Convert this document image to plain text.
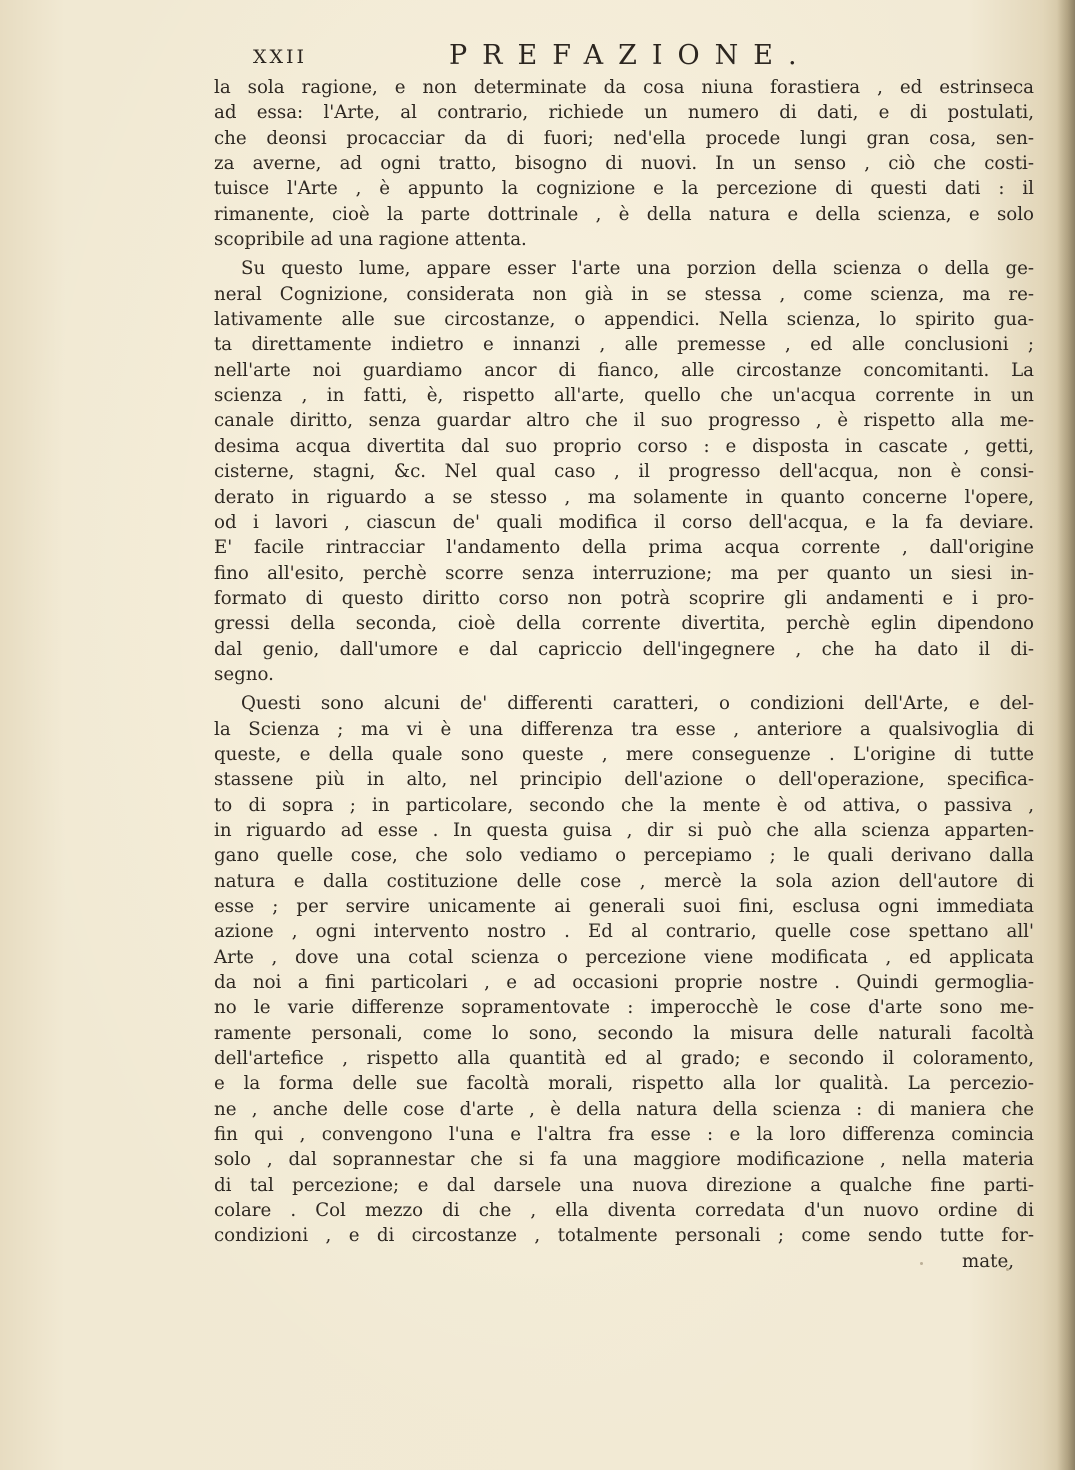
XXII	PREFAZIONE.
la sola ragione, e non determinate da cosa niuna forastiera , ed estrinseca
ad essa: l'Arte, al contrario, richiede un numero di dati, e di postulati,
che deonsi procacciar da di fuori; ned'ella procede lungi gran cosa, sen-
za averne, ad ogni tratto, bisogno di nuovi. In un senso , ciò che costi-
tuisce l'Arte , è appunto la cognizione e la percezione di questi dati : il
rimanente, cioè la parte dottrinale , è della natura e della scienza, e solo
scopribile ad una ragione attenta.
Su questo lume, appare esser l'arte una porzion della scienza o della ge-
neral Cognizione, considerata non già in se stessa , come scienza, ma re-
lativamente alle sue circostanze, o appendici. Nella scienza, lo spirito gua-
ta direttamente indietro e innanzi , alle premesse , ed alle conclusioni ;
nell'arte noi guardiamo ancor di fianco, alle circostanze concomitanti. La
scienza , in fatti, è, rispetto all'arte, quello che un'acqua corrente in un
canale diritto, senza guardar altro che il suo progresso , è rispetto alla me-
desima acqua divertita dal suo proprio corso : e disposta in cascate , getti,
cisterne, stagni, &c. Nel qual caso , il progresso dell'acqua, non è consi-
derato in riguardo a se stesso , ma solamente in quanto concerne l'opere,
od i lavori , ciascun de' quali modifica il corso dell'acqua, e la fa deviare.
E' facile rintracciar l'andamento della prima acqua corrente , dall'origine
fino all'esito, perchè scorre senza interruzione; ma per quanto un siesi in-
formato di questo diritto corso non potrà scoprire gli andamenti e i pro-
gressi della seconda, cioè della corrente divertita, perchè eglin dipendono
dal genio, dall'umore e dal capriccio dell'ingegnere , che ha dato il di-
segno.
Questi sono alcuni de' differenti caratteri, o condizioni dell'Arte, e del-
la Scienza ; ma vi è una differenza tra esse , anteriore a qualsivoglia di
queste, e della quale sono queste , mere conseguenze . L'origine di tutte
stassene più in alto, nel principio dell'azione o dell'operazione, specifica-
to di sopra ; in particolare, secondo che la mente è od attiva, o passiva ,
in riguardo ad esse . In questa guisa , dir si può che alla scienza apparten-
gano quelle cose, che solo vediamo o percepiamo ; le quali derivano dalla
natura e dalla costituzione delle cose , mercè la sola azion dell'autore di
esse ; per servire unicamente ai generali suoi fini, esclusa ogni immediata
azione , ogni intervento nostro . Ed al contrario, quelle cose spettano all'
Arte , dove una cotal scienza o percezione viene modificata , ed applicata
da noi a fini particolari , e ad occasioni proprie nostre . Quindi germoglia-
no le varie differenze sopramentovate : imperocchè le cose d'arte sono me-
ramente personali, come lo sono, secondo la misura delle naturali facoltà
dell'artefice , rispetto alla quantità ed al grado; e secondo il coloramento,
e la forma delle sue facoltà morali, rispetto alla lor qualità. La percezio-
ne , anche delle cose d'arte , è della natura della scienza : di maniera che
fin qui , convengono l'una e l'altra fra esse : e la loro differenza comincia
solo , dal soprannestar che si fa una maggiore modificazione , nella materia
di tal percezione; e dal darsele una nuova direzione a qualche fine parti-
colare . Col mezzo di che , ella diventa corredata d'un nuovo ordine di
condizioni , e di circostanze , totalmente personali ; come sendo tutte for-
mate,
